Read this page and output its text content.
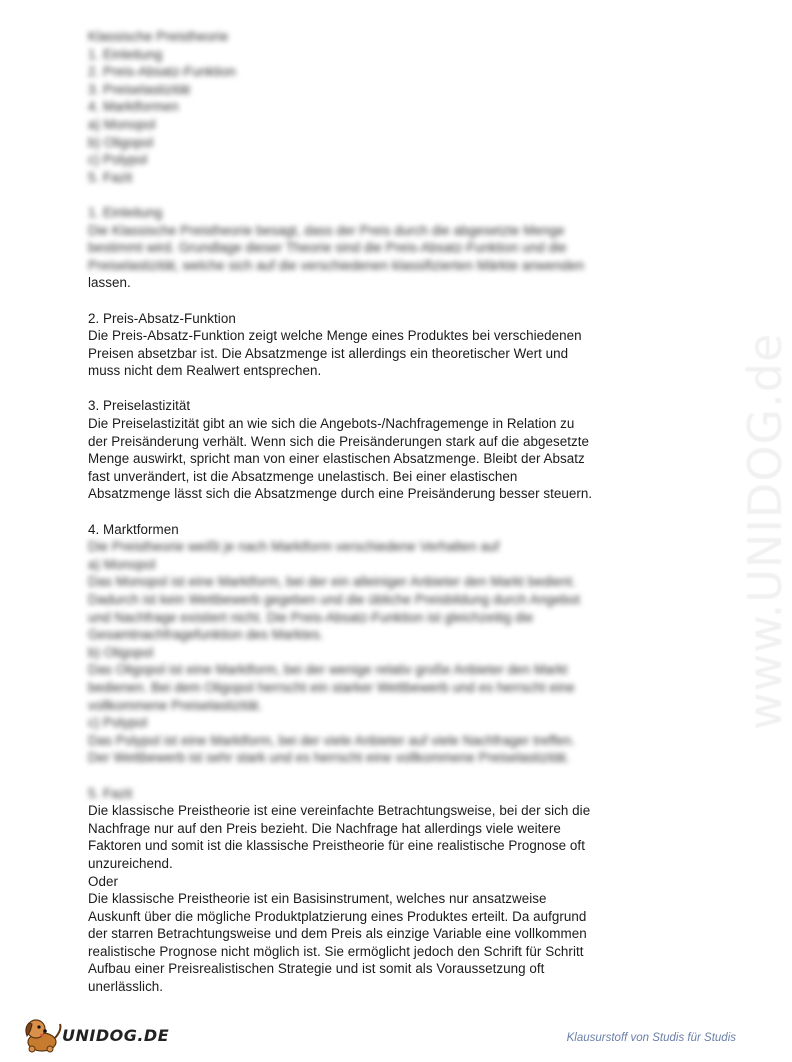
www.UNIDOG.de
Klassische Preistheorie
1. Einleitung
2. Preis-Absatz-Funktion
3. Preiselastizität
4. Marktformen
a) Monopol
b) Oligopol
c) Polypol
5. Fazit
1. Einleitung
Die Klassische Preistheorie besagt, dass der Preis durch die abgesetzte Menge
bestimmt wird. Grundlage dieser Theorie sind die Preis-Absatz-Funktion und die
Preiselastizität, welche sich auf die verschiedenen klassifizierten Märkte anwenden
lassen.
2. Preis-Absatz-Funktion
Die Preis-Absatz-Funktion zeigt welche Menge eines Produktes bei verschiedenen
Preisen absetzbar ist. Die Absatzmenge ist allerdings ein theoretischer Wert und
muss nicht dem Realwert entsprechen.
3. Preiselastizität
Die Preiselastizität gibt an wie sich die Angebots-/Nachfragemenge in Relation zu
der Preisänderung verhält. Wenn sich die Preisänderungen stark auf die abgesetzte
Menge auswirkt, spricht man von einer elastischen Absatzmenge. Bleibt der Absatz
fast unverändert, ist die Absatzmenge unelastisch. Bei einer elastischen
Absatzmenge lässt sich die Absatzmenge durch eine Preisänderung besser steuern.
4. Marktformen
Die Preistheorie weißt je nach Marktform verschiedene Verhalten auf
a) Monopol
Das Monopol ist eine Marktform, bei der ein alleiniger Anbieter den Markt bedient.
Dadurch ist kein Wettbewerb gegeben und die übliche Preisbildung durch Angebot
und Nachfrage existiert nicht. Die Preis-Absatz-Funktion ist gleichzeitig die
Gesamtnachfragefunktion des Marktes.
b) Oligopol
Das Oligopol ist eine Marktform, bei der wenige relativ große Anbieter den Markt
bedienen. Bei dem Oligopol herrscht ein starker Wettbewerb und es herrscht eine
vollkommene Preiselastizität.
c) Polypol
Das Polypol ist eine Marktform, bei der viele Anbieter auf viele Nachfrager treffen.
Der Wettbewerb ist sehr stark und es herrscht eine vollkommene Preiselastizität.
5. Fazit
Die klassische Preistheorie ist eine vereinfachte Betrachtungsweise, bei der sich die
Nachfrage nur auf den Preis bezieht. Die Nachfrage hat allerdings viele weitere
Faktoren und somit ist die klassische Preistheorie für eine realistische Prognose oft
unzureichend.
Oder
Die klassische Preistheorie ist ein Basisinstrument, welches nur ansatzweise
Auskunft über die mögliche Produktplatzierung eines Produktes erteilt. Da aufgrund
der starren Betrachtungsweise und dem Preis als einzige Variable eine vollkommen
realistische Prognose nicht möglich ist. Sie ermöglicht jedoch den Schrift für Schritt
Aufbau einer Preisrealistischen Strategie und ist somit als Voraussetzung oft
unerlässlich.
UNIDOG.DE	Klausurstoff von Studis für Studis
